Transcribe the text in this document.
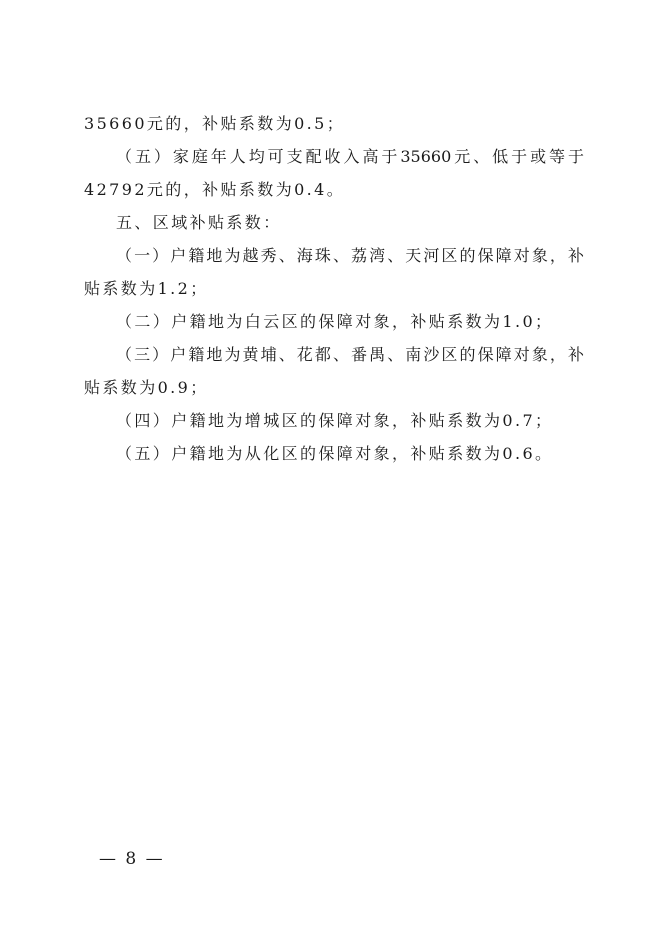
35660元的，补贴系数为0.5；
（五）家庭年人均可支配收入高于35660元、低于或等于
42792元的，补贴系数为0.4。
五、区域补贴系数：
（一）户籍地为越秀、海珠、荔湾、天河区的保障对象，补
贴系数为1.2；
（二）户籍地为白云区的保障对象，补贴系数为1.0；
（三）户籍地为黄埔、花都、番禺、南沙区的保障对象，补
贴系数为0.9；
（四）户籍地为增城区的保障对象，补贴系数为0.7；
（五）户籍地为从化区的保障对象，补贴系数为0.6。
— 8 —
